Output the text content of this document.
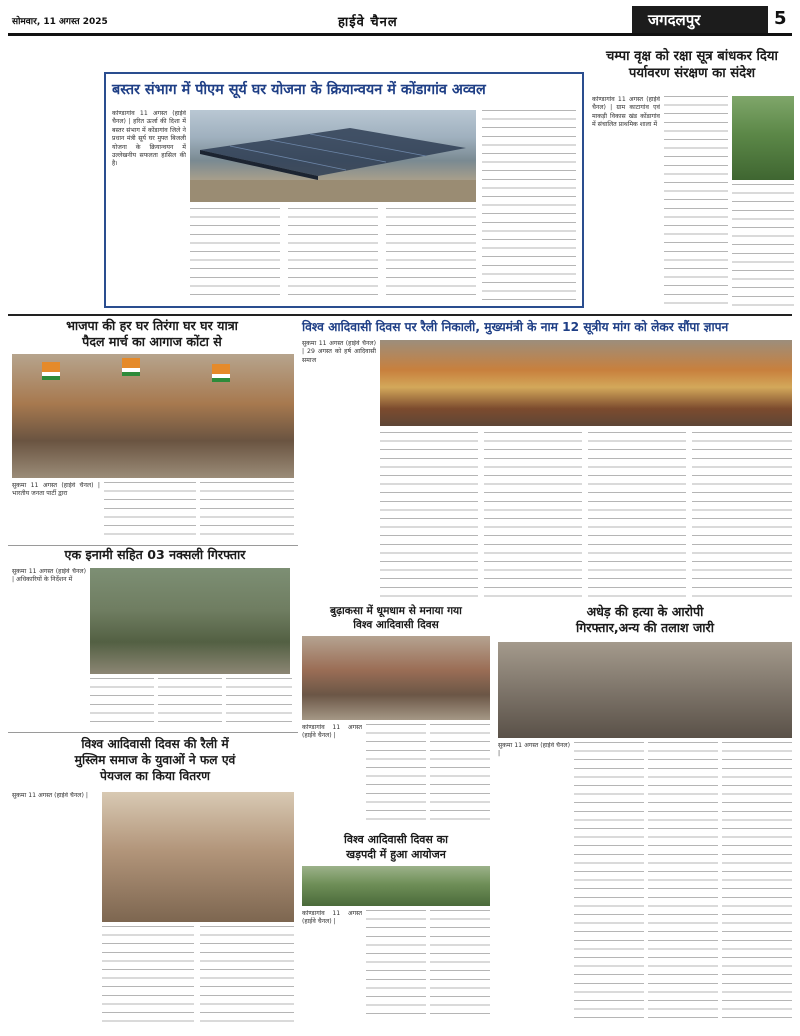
सोमवार, 11 अगस्त 2025	हाईवे चैनल	जगदलपुर	5
बस्तर संभाग में पीएम सूर्य घर योजना के क्रियान्वयन में कोंडागांव अव्वल
कोण्डागांव 11 अगस्त (हाईवे चैनल) | हरित ऊर्जा की दिशा में बस्तर संभाग में कोंडागांव जिले ने प्रधान मंत्री सूर्य घर मुफ्त बिजली योजना के क्रियान्वयन में उल्लेखनीय सफलता हासिल की है।
चम्पा वृक्ष को रक्षा सूत्र बांधकर दिया
पर्यावरण संरक्षण का संदेश
कोण्डागांव 11 अगस्त (हाईवे चैनल) | ग्राम काटागांव एवं माकड़ी विकास खंड कोंडागांव में संचालित प्राथमिक शाला में
भाजपा की हर घर तिरंगा घर घर यात्रा
पैदल मार्च का आगाज कोंटा से
सुकमा 11 अगस्त (हाईवे चैनल) | भारतीय जनता पार्टी द्वारा
विश्व आदिवासी दिवस पर रैली निकाली, मुख्यमंत्री के नाम 12 सूत्रीय मांग को लेकर सौंपा ज्ञापन
सुकमा 11 अगस्त (हाईवे चैनल) | 29 अगस्त को हर्ष आदिवासी समाज
एक इनामी सहित 03 नक्सली गिरफ्तार
सुकमा 11 अगस्त (हाईवे चैनल) | अधिकारियों के निर्देशन में
बुढ़ाकसा में धूमधाम से मनाया गया
विश्व आदिवासी दिवस
कोण्डागांव 11 अगस्त (हाईवे चैनल) |
अधेड़ की हत्या के आरोपी
गिरफ्तार,अन्य की तलाश जारी
सुकमा 11 अगस्त (हाईवे चैनल) |
विश्व आदिवासी दिवस की रैली में
मुस्लिम समाज के युवाओं ने फल एवं
पेयजल का किया वितरण
सुकमा 11 अगस्त (हाईवे चैनल) |
विश्व आदिवासी दिवस का
खड़पदी में हुआ आयोजन
कोण्डागांव 11 अगस्त (हाईवे चैनल) |
